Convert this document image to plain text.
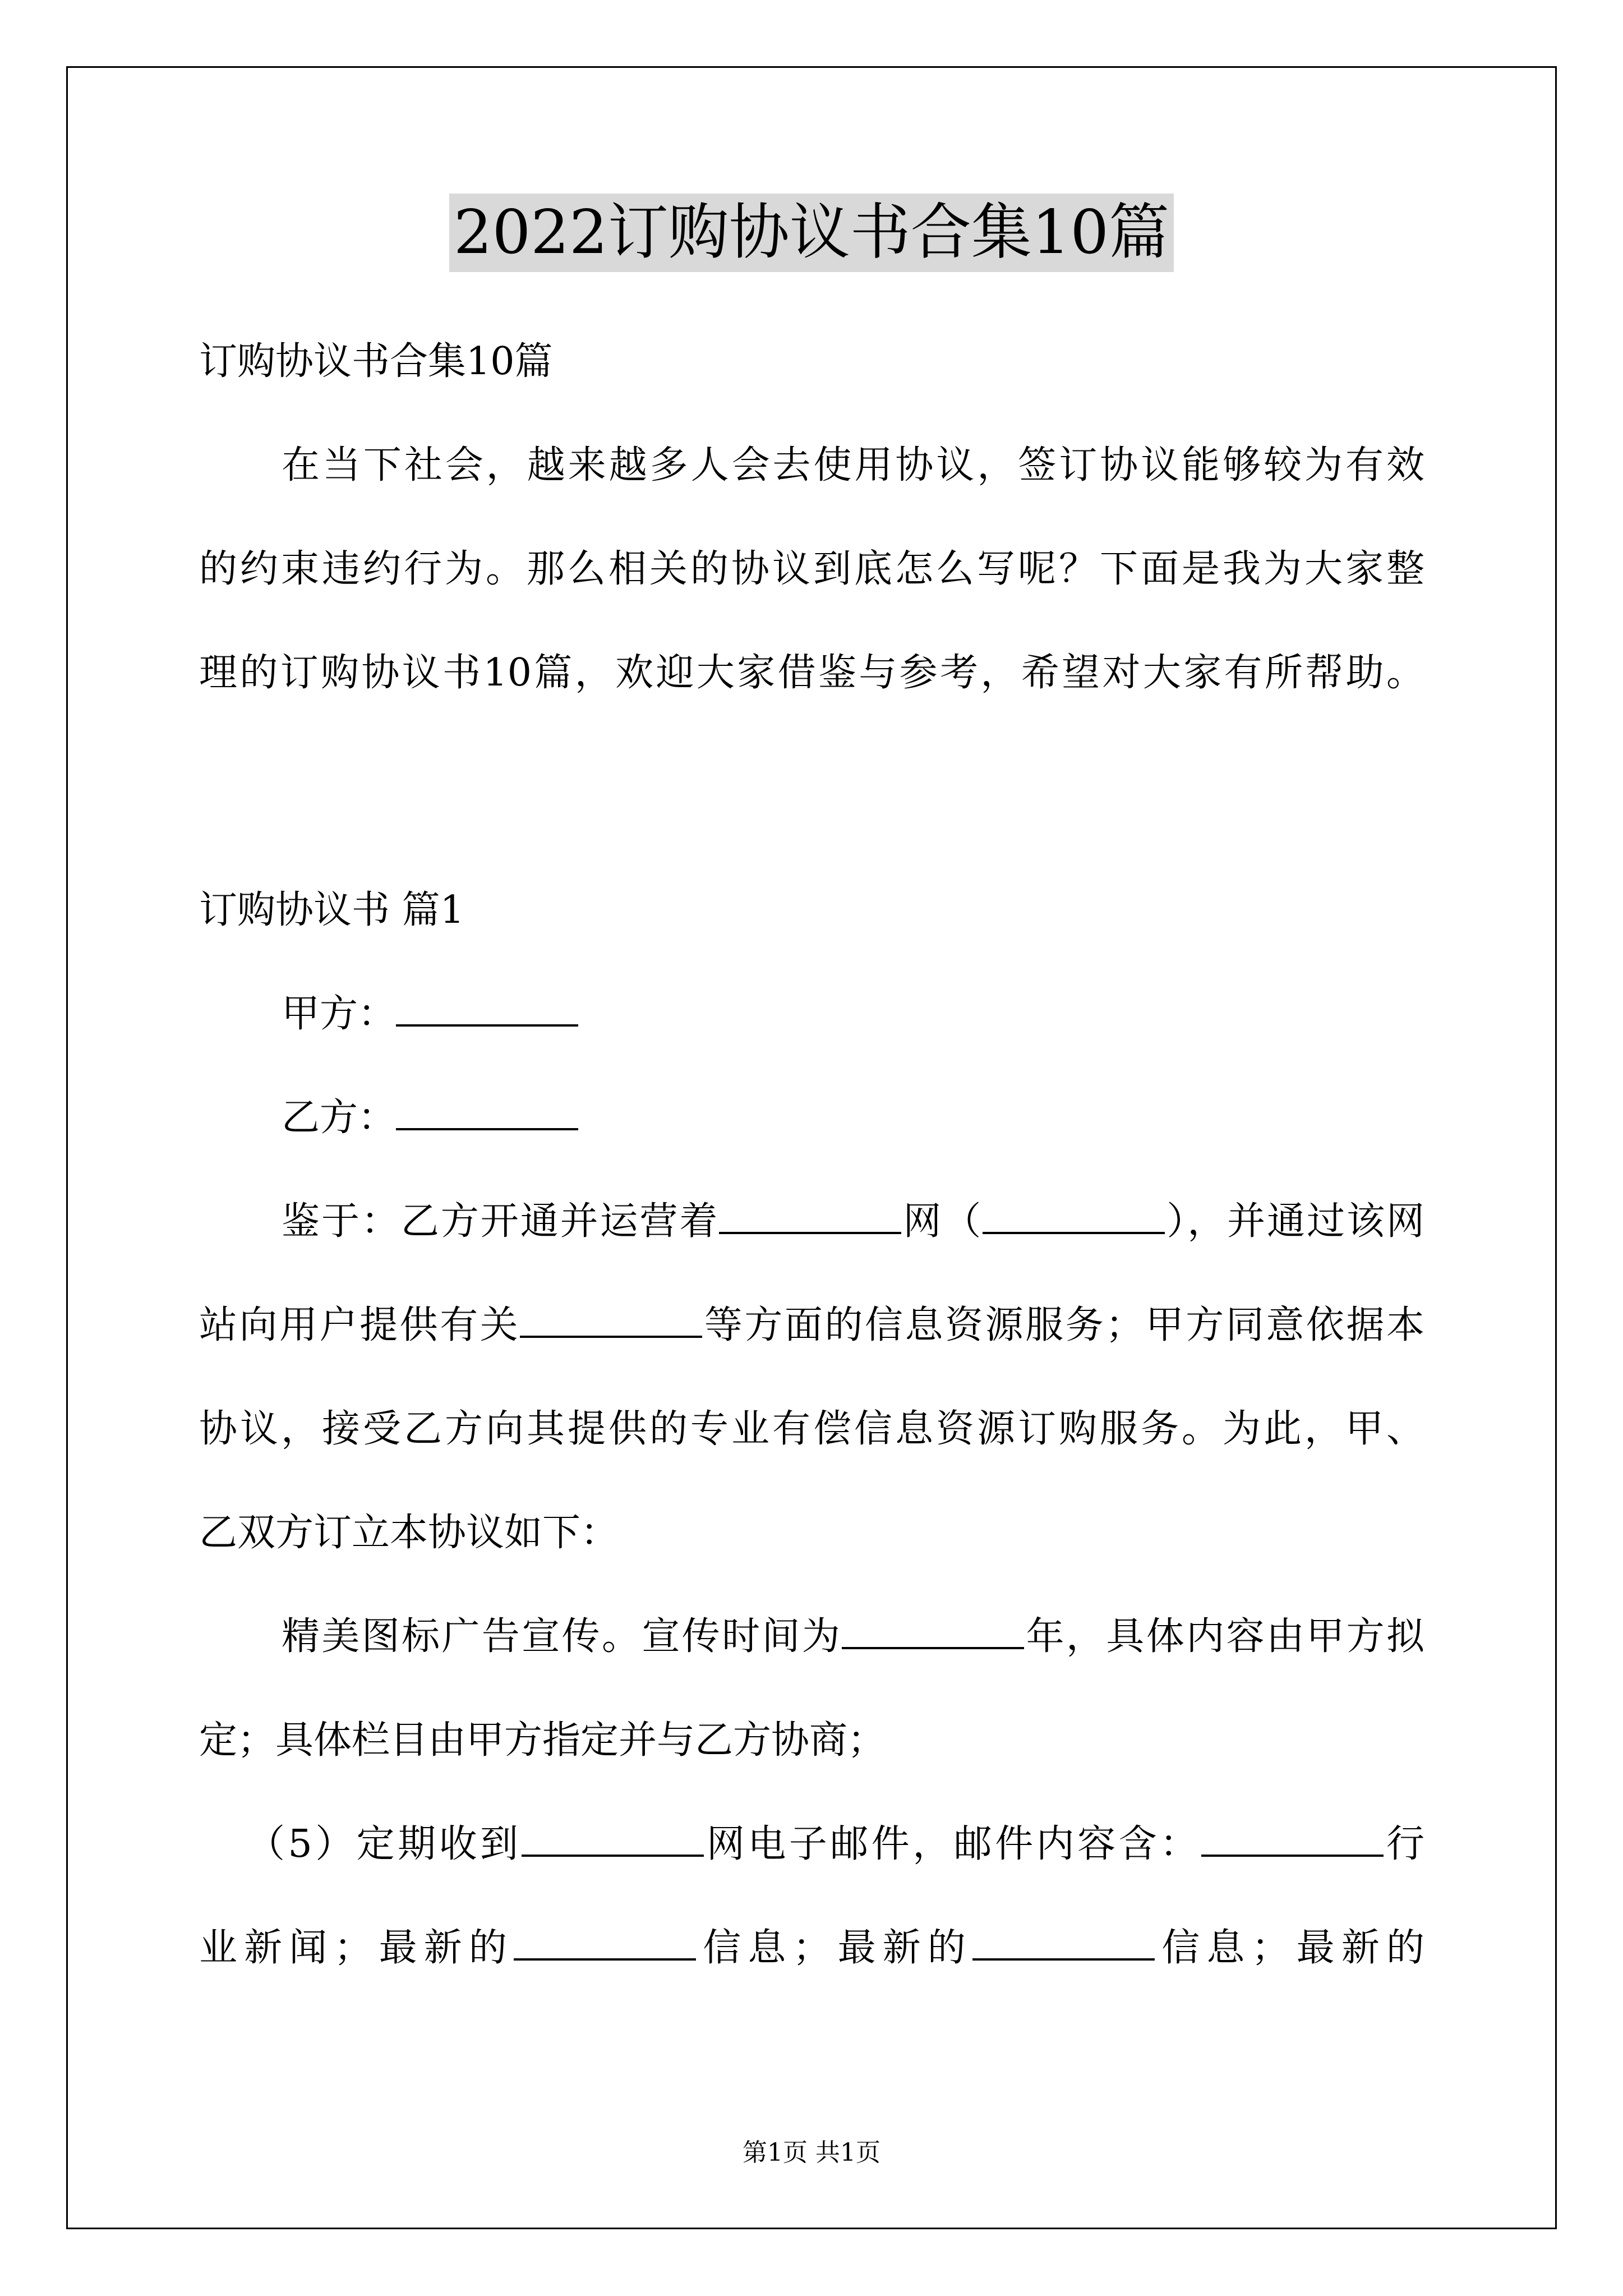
2022订购协议书合集10篇
订购协议书合集10篇
在当下社会，越来越多人会去使用协议，签订协议能够较为有效
的约束违约行为。那么相关的协议到底怎么写呢？下面是我为大家整
理的订购协议书10篇，欢迎大家借鉴与参考，希望对大家有所帮助。
订购协议书 篇1
甲方：
乙方：
鉴于：乙方开通并运营着	网（	），并通过该网
站向用户提供有关	等方面的信息资源服务；甲方同意依据本
协议，接受乙方向其提供的专业有偿信息资源订购服务。为此，甲、
乙双方订立本协议如下：
精美图标广告宣传。宣传时间为	年，具体内容由甲方拟
定；具体栏目由甲方指定并与乙方协商；
（5）定期收到	网电子邮件，邮件内容含：	行
业新闻；最新的	信息；最新的	信息；最新的
第1页 共1页
